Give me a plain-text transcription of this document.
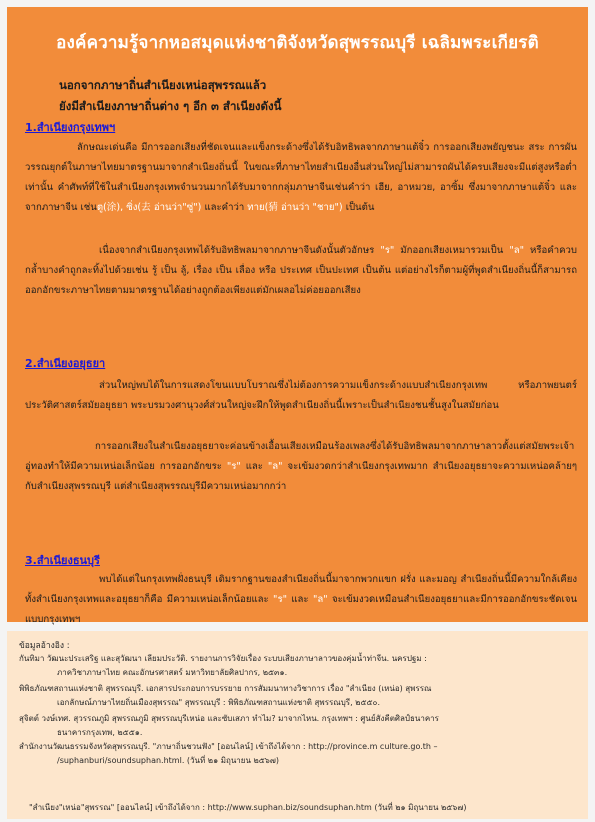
องค์ความรู้จากหอสมุดแห่งชาติจังหวัดสุพรรณบุรี เฉลิมพระเกียรติ
นอกจากภาษาถิ่นสำเนียงเหน่อสุพรรณแล้ว
ยังมีสำเนียงภาษาถิ่นต่าง ๆ อีก ๓ สำเนียงดังนี้
1.สำเนียงกรุงเทพฯ
ลักษณะเด่นคือ มีการออกเสียงที่ชัดเจนและแข็งกระด้างซึ่งได้รับอิทธิพลจากภาษาแต้จิ๋ว การออกเสียงพยัญชนะ สระ การผันวรรณยุกต์ในภาษาไทยมาตรฐานมาจากสำเนียงถิ่นนี้ ในขณะที่ภาษาไทยสำเนียงอื่นส่วนใหญ่ไม่สามารถผันได้ครบเสียงจะมีแต่สูงหรือต่ำเท่านั้น คำศัพท์ที่ใช้ในสำเนียงกรุงเทพจำนวนมากได้รับมาจากกลุ่มภาษาจีนเช่นคำว่า เฮีย, อาหมวย, อาซิ้ม ซึ่งมาจากภาษาแต้จิ๋ว และจากภาษาจีน เช่นตู(涂), ซิ่ง(去 อ่านว่า"ซู่") และคำว่า ทาย(猜 อ่านว่า "ชาย") เป็นต้น
เนื่องจากสำเนียงกรุงเทพได้รับอิทธิพลมาจากภาษาจีนดังนั้นตัวอักษร "ร" มักออกเสียงเหมารวมเป็น "ล" หรือคำควบกล้ำบางคำถูกละทิ้งไปด้วยเช่น รู้ เป็น ลู้, เรื่อง เป็น เลื่อง หรือ ประเทศ เป็นปะเทศ เป็นต้น แต่อย่างไรก็ตามผู้ที่พูดสำเนียงถิ่นนี้ก็สามารถออกอักขระภาษาไทยตามมาตรฐานได้อย่างถูกต้องเพียงแต่มักเผลอไม่ค่อยออกเสียง
2.สำเนียงอยุธยา
ส่วนใหญ่พบได้ในการแสดงโขนแบบโบราณซึ่งไม่ต้องการความแข็งกระด้างแบบสำเนียงกรุงเทพ หรือภาพยนตร์ประวัติศาสตร์สมัยอยุธยา พระบรมวงศานุวงศ์ส่วนใหญ่จะฝึกให้พูดสำเนียงถิ่นนี้เพราะเป็นสำเนียงชนชั้นสูงในสมัยก่อน
การออกเสียงในสำเนียงอยุธยาจะค่อนข้างเอื้อนเสียงเหมือนร้องเพลงซึ่งได้รับอิทธิพลมาจากภาษาลาวตั้งแต่สมัยพระเจ้าอู่ทองทำให้มีความเหน่อเล็กน้อย การออกอักขระ "ร" และ "ล" จะเข้มงวดกว่าสำเนียงกรุงเทพมาก สำเนียงอยุธยาจะความเหน่อคล้ายๆ กับสำเนียงสุพรรณบุรี แต่สำเนียงสุพรรณบุรีมีความเหน่อมากกว่า
3.สำเนียงธนบุรี
พบได้แต่ในกรุงเทพฝั่งธนบุรี เดิมรากฐานของสำเนียงถิ่นนี้มาจากพวกแขก ฝรั่ง และมอญ สำเนียงถิ่นนี้มีความใกล้เคียงทั้งสำเนียงกรุงเทพและอยุธยาก็คือ มีความเหน่อเล็กน้อยและ "ร" และ "ล" จะเข้มงวดเหมือนสำเนียงอยุธยาและมีการออกอักขระชัดเจนแบบกรุงเทพฯ
ข้อมูลอ้างอิง :
กันทิมา วัฒนะประเสริฐ และสุวัฒนา เลียมประวัติ. รายงานการวิจัยเรื่อง ระบบเสียงภาษาลาวของคุ่มน้ำท่าจีน. นครปฐม :
ภาควิชาภาษาไทย คณะอักษรศาสตร์ มหาวิทยาลัยศิลปากร, ๒๕๓๑.
พิพิธภัณฑสถานแห่งชาติ สุพรรณบุรี. เอกสารประกอบการบรรยาย การสัมมนาทางวิชาการ เรื่อง "สำเนียง (เหน่อ) สุพรรณ
เอกลักษณ์ภาษาไทยถิ่นเมืองสุพรรณ" สุพรรณบุรี : พิพิธภัณฑสถานแห่งชาติ สุพรรณบุรี, ๒๕๕๐.
สุจิตต์ วงษ์เทศ. สุวรรณภูมิ สุพรรณภูมิ สุพรรณบุรีเหน่อ และซับเสภา ทำไม? มาจากไหน. กรุงเทพฯ : ศูนย์สังคีตศิลป์ธนาคาร
ธนาคารกรุงเทพ, ๒๕๕๑.
สำนักงานวัฒนธรรมจังหวัดสุพรรณบุรี. "ภาษาถิ่นชวนฟัง" [ออนไลน์] เข้าถึงได้จาก : http://province.m culture.go.th –
/suphanburi/soundsuphan.html. (วันที่ ๒๑ มิถุนายน ๒๕๖๗)
"สำเนียง"เหน่อ"สุพรรณ" [ออนไลน์] เข้าถึงได้จาก : http://www.suphan.biz/soundsuphan.htm (วันที่ ๒๑ มิถุนายน ๒๕๖๗)
